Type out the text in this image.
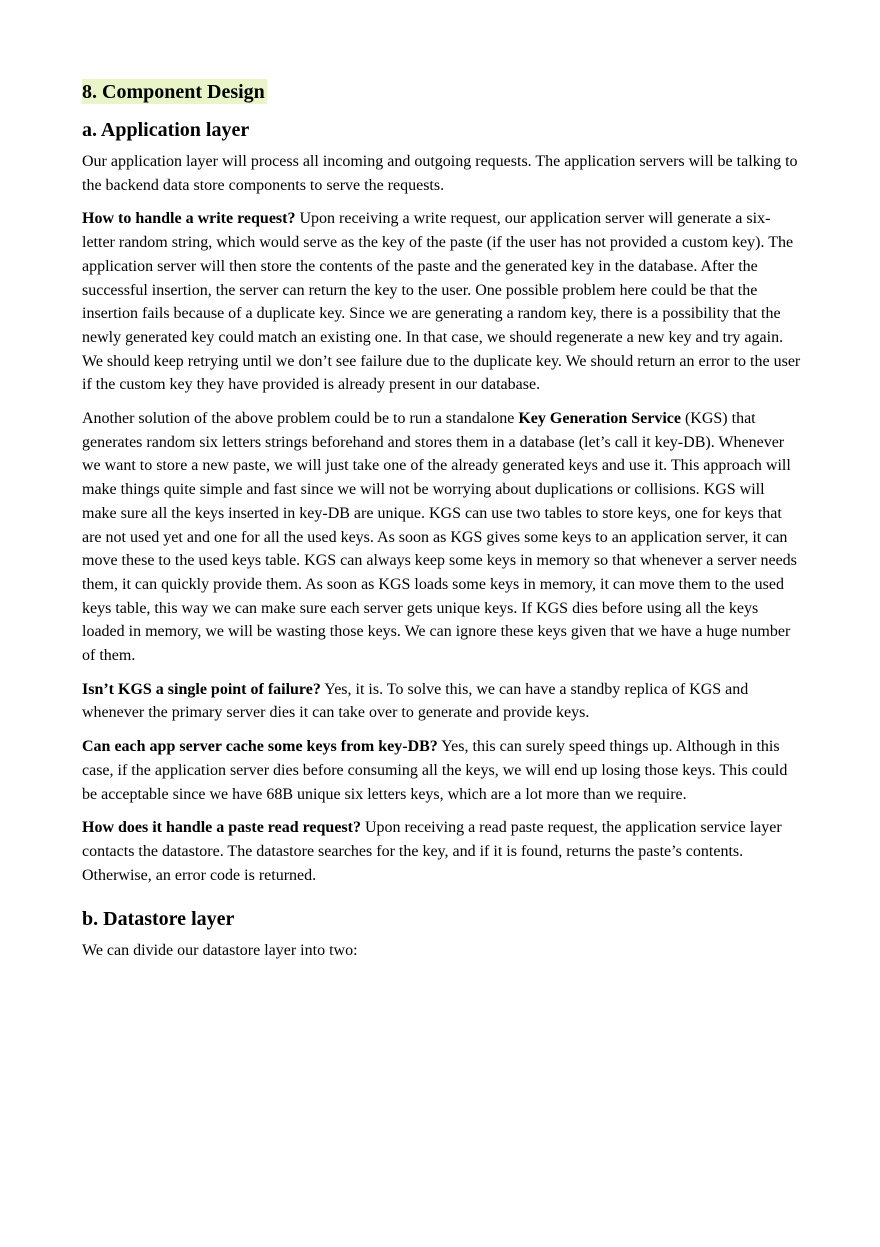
8. Component Design
a. Application layer

Our application layer will process all incoming and outgoing requests. The application servers will be talking to the backend data store components to serve the requests.

How to handle a write request? Upon receiving a write request, our application server will generate a six-letter random string, which would serve as the key of the paste (if the user has not provided a custom key). The application server will then store the contents of the paste and the generated key in the database. After the successful insertion, the server can return the key to the user. One possible problem here could be that the insertion fails because of a duplicate key. Since we are generating a random key, there is a possibility that the newly generated key could match an existing one. In that case, we should regenerate a new key and try again. We should keep retrying until we don’t see failure due to the duplicate key. We should return an error to the user if the custom key they have provided is already present in our database.

Another solution of the above problem could be to run a standalone Key Generation Service (KGS) that generates random six letters strings beforehand and stores them in a database (let’s call it key-DB). Whenever we want to store a new paste, we will just take one of the already generated keys and use it. This approach will make things quite simple and fast since we will not be worrying about duplications or collisions. KGS will make sure all the keys inserted in key-DB are unique. KGS can use two tables to store keys, one for keys that are not used yet and one for all the used keys. As soon as KGS gives some keys to an application server, it can move these to the used keys table. KGS can always keep some keys in memory so that whenever a server needs them, it can quickly provide them. As soon as KGS loads some keys in memory, it can move them to the used keys table, this way we can make sure each server gets unique keys. If KGS dies before using all the keys loaded in memory, we will be wasting those keys. We can ignore these keys given that we have a huge number of them.

Isn’t KGS a single point of failure? Yes, it is. To solve this, we can have a standby replica of KGS and whenever the primary server dies it can take over to generate and provide keys.

Can each app server cache some keys from key-DB? Yes, this can surely speed things up. Although in this case, if the application server dies before consuming all the keys, we will end up losing those keys. This could be acceptable since we have 68B unique six letters keys, which are a lot more than we require.

How does it handle a paste read request? Upon receiving a read paste request, the application service layer contacts the datastore. The datastore searches for the key, and if it is found, returns the paste’s contents. Otherwise, an error code is returned.

b. Datastore layer

We can divide our datastore layer into two:
